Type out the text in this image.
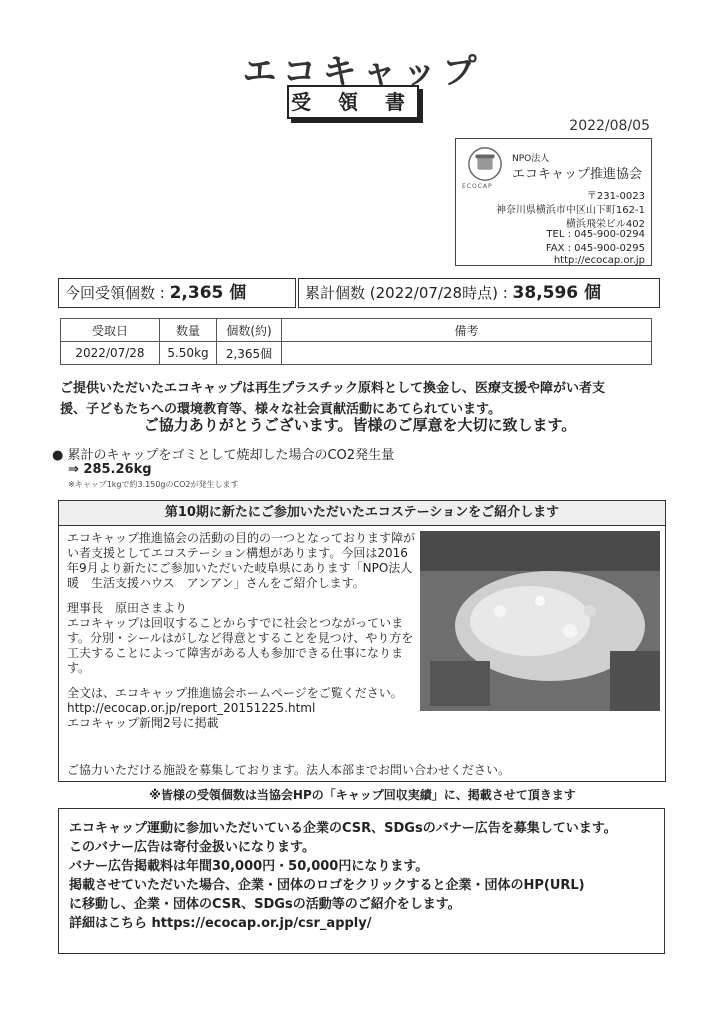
エコキャップ
受 領 書
2022/08/05
ECOCAP
NPO法人
エコキャップ推進協会
〒231-0023
神奈川県横浜市中区山下町162-1
横浜飛栄ビル402
TEL : 045-900-0294
FAX : 045-900-0295
http://ecocap.or.jp
今回受領個数 : 2,365 個	累計個数 (2022/07/28時点) : 38,596 個
受取日	数量	個数(約)	備考
2022/07/28	5.50kg	2,365個	
ご提供いただいたエコキャップは再生プラスチック原料として換金し、医療支援や障がい者支
援、子どもたちへの環境教育等、様々な社会貢献活動にあてられています。
ご協力ありがとうございます。皆様のご厚意を大切に致します。
● 累計のキャップをゴミとして焼却した場合のCO2発生量
⇒ 285.26kg
※キャップ1kgで約3.150gのCO2が発生します
第10期に新たにご参加いただいたエコステーションをご紹介します

エコキャップ推進協会の活動の目的の一つとなっております障がい者支援としてエコステーション構想があります。今回は2016年9月より新たにご参加いただいた岐阜県にあります「NPO法人暖　生活支援ハウス　アンアン」さんをご紹介します。

理事長　原田さまより

エコキャップは回収することからすでに社会とつながっています。分別・シールはがしなど得意とすることを見つけ、やり方を工夫することによって障害がある人も参加できる仕事になります。

全文は、エコキャップ推進協会ホームページをご覧ください。

http://ecocap.or.jp/report_20151225.html

エコキャップ新聞2号に掲載

ご協力いただける施設を募集しております。法人本部までお問い合わせください。
※皆様の受領個数は当協会HPの「キャップ回収実績」に、掲載させて頂きます
エコキャップ運動に参加いただいている企業のCSR、SDGsのバナー広告を募集しています。
このバナー広告は寄付金扱いになります。
バナー広告掲載料は年間30,000円・50,000円になります。
掲載させていただいた場合、企業・団体のロゴをクリックすると企業・団体のHP(URL)
に移動し、企業・団体のCSR、SDGsの活動等のご紹介をします。
詳細はこちら https://ecocap.or.jp/csr_apply/
